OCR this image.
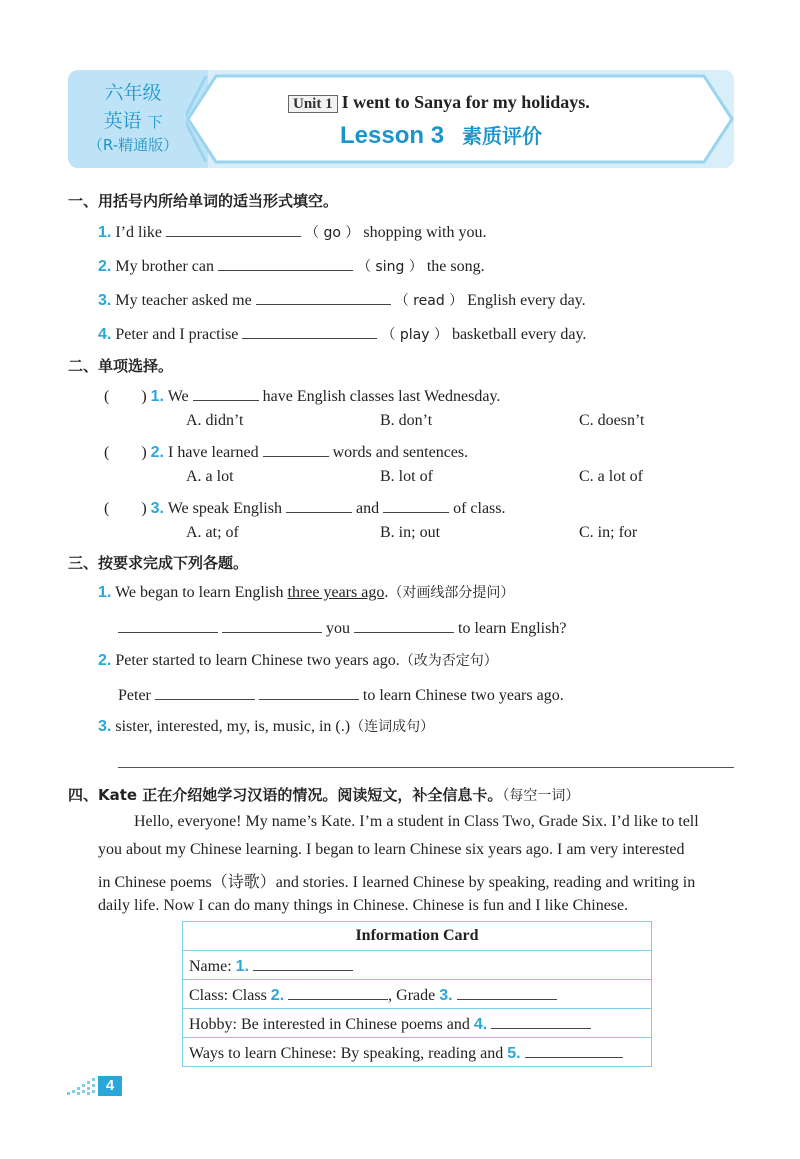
六年级
英语 下
（R-精通版）
Unit 1 I went to Sanya for my holidays.
Lesson 3 素质评价
一、用括号内所给单词的适当形式填空。
1. I’d like	（ go ） shopping with you.
2. My brother can	（ sing ） the song.
3. My teacher asked me	（ read ） English every day.
4. Peter and I practise	（ play ） basketball every day.
二、单项选择。
(        ) 1. We	have English classes last Wednesday.
A. didn’t	B. don’t	C. doesn’t
(        ) 2. I have learned	words and sentences.
A. a lot	B. lot of	C. a lot of
(        ) 3. We speak English	and	of class.
A. at; of	B. in; out	C. in; for
三、按要求完成下列各题。
1. We began to learn English three years ago.（对画线部分提问）
you	to learn English?
2. Peter started to learn Chinese two years ago.（改为否定句）
Peter	to learn Chinese two years ago.
3. sister, interested, my, is, music, in (.)（连词成句）
四、Kate 正在介绍她学习汉语的情况。阅读短文，补全信息卡。（每空一词）
Hello, everyone! My name’s Kate. I’m a student in Class Two, Grade Six. I’d like to tell
you about my Chinese learning. I began to learn Chinese six years ago. I am very interested
in Chinese poems（诗歌）and stories. I learned Chinese by speaking, reading and writing in
daily life. Now I can do many things in Chinese. Chinese is fun and I like Chinese.
Information Card
Name: 1.
Class: Class 2.	, Grade 3.
Hobby: Be interested in Chinese poems and 4.
Ways to learn Chinese: By speaking, reading and 5.
4
